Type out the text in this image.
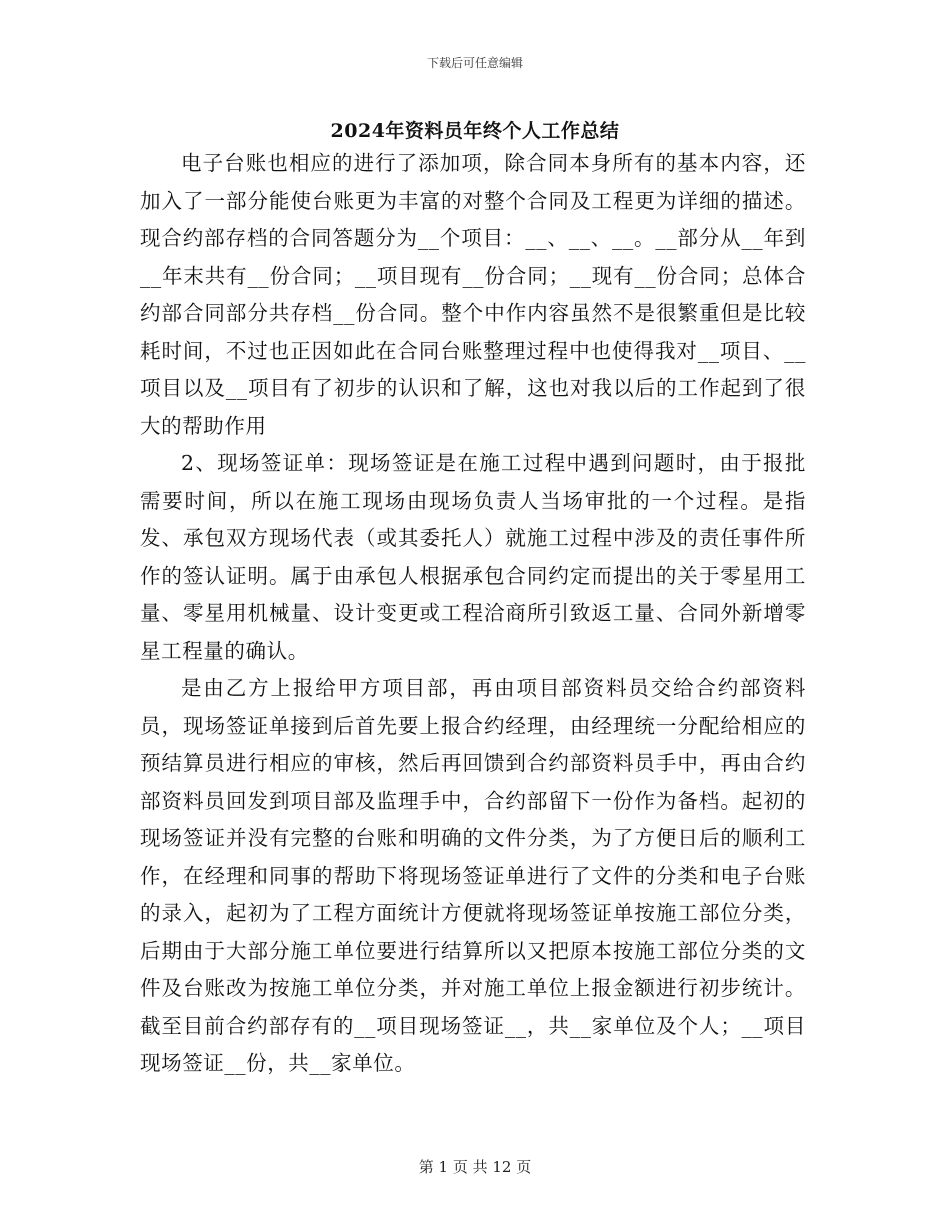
下载后可任意编辑
2024年资料员年终个人工作总结

电子台账也相应的进行了添加项，除合同本身所有的基本内容，还加入了一部分能使台账更为丰富的对整个合同及工程更为详细的描述。现合约部存档的合同答题分为__个项目：__、__、__。__部分从__年到__年末共有__份合同；__项目现有__份合同；__现有__份合同；总体合约部合同部分共存档__份合同。整个中作内容虽然不是很繁重但是比较耗时间，不过也正因如此在合同台账整理过程中也使得我对__项目、__项目以及__项目有了初步的认识和了解，这也对我以后的工作起到了很大的帮助作用

2、现场签证单：现场签证是在施工过程中遇到问题时，由于报批需要时间，所以在施工现场由现场负责人当场审批的一个过程。是指发、承包双方现场代表（或其委托人）就施工过程中涉及的责任事件所作的签认证明。属于由承包人根据承包合同约定而提出的关于零星用工量、零星用机械量、设计变更或工程洽商所引致返工量、合同外新增零星工程量的确认。

是由乙方上报给甲方项目部，再由项目部资料员交给合约部资料员，现场签证单接到后首先要上报合约经理，由经理统一分配给相应的预结算员进行相应的审核，然后再回馈到合约部资料员手中，再由合约部资料员回发到项目部及监理手中，合约部留下一份作为备档。起初的现场签证并没有完整的台账和明确的文件分类，为了方便日后的顺利工作，在经理和同事的帮助下将现场签证单进行了文件的分类和电子台账的录入，起初为了工程方面统计方便就将现场签证单按施工部位分类，后期由于大部分施工单位要进行结算所以又把原本按施工部位分类的文件及台账改为按施工单位分类，并对施工单位上报金额进行初步统计。截至目前合约部存有的__项目现场签证__，共__家单位及个人；__项目现场签证__份，共__家单位。

第 1 页 共 12 页
